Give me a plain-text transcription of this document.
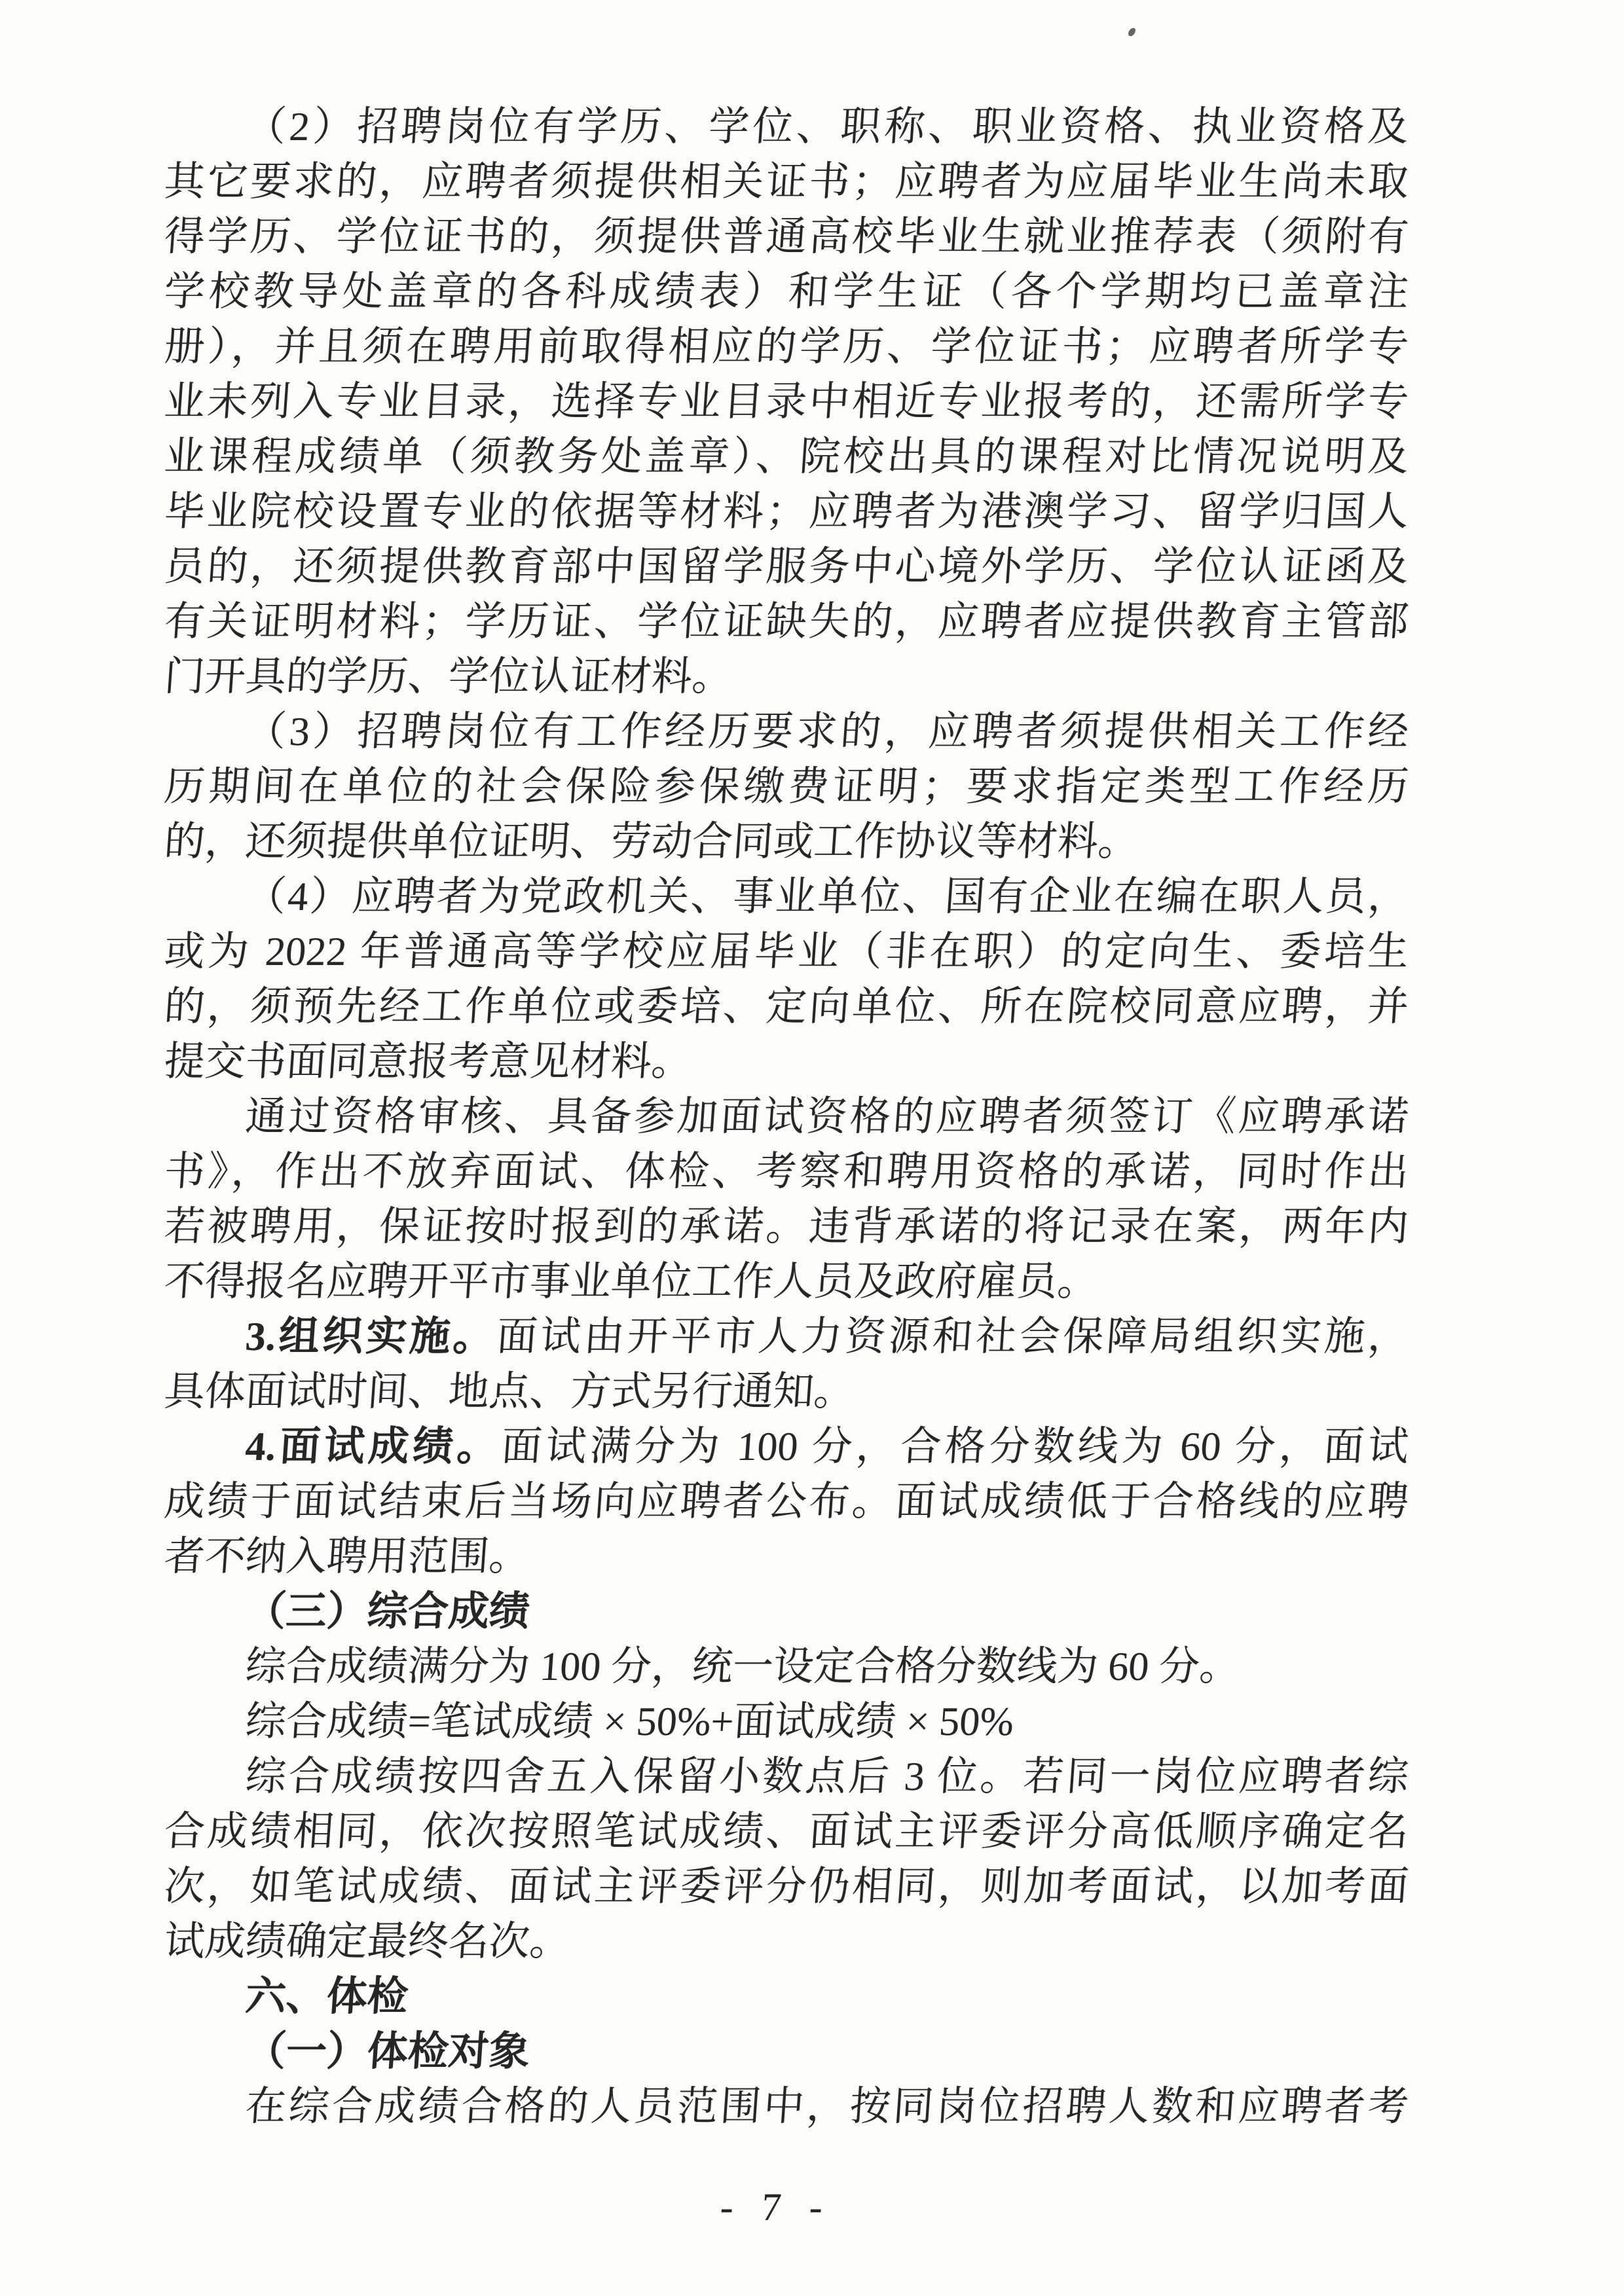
（2）招聘岗位有学历、学位、职称、职业资格、执业资格及
其它要求的，应聘者须提供相关证书；应聘者为应届毕业生尚未取
得学历、学位证书的，须提供普通高校毕业生就业推荐表（须附有
学校教导处盖章的各科成绩表）和学生证（各个学期均已盖章注
册），并且须在聘用前取得相应的学历、学位证书；应聘者所学专
业未列入专业目录，选择专业目录中相近专业报考的，还需所学专
业课程成绩单（须教务处盖章）、院校出具的课程对比情况说明及
毕业院校设置专业的依据等材料；应聘者为港澳学习、留学归国人
员的，还须提供教育部中国留学服务中心境外学历、学位认证函及
有关证明材料；学历证、学位证缺失的，应聘者应提供教育主管部
门开具的学历、学位认证材料。
（3）招聘岗位有工作经历要求的，应聘者须提供相关工作经
历期间在单位的社会保险参保缴费证明；要求指定类型工作经历
的，还须提供单位证明、劳动合同或工作协议等材料。
（4）应聘者为党政机关、事业单位、国有企业在编在职人员，
或为 2022 年普通高等学校应届毕业（非在职）的定向生、委培生
的，须预先经工作单位或委培、定向单位、所在院校同意应聘，并
提交书面同意报考意见材料。
通过资格审核、具备参加面试资格的应聘者须签订《应聘承诺
书》，作出不放弃面试、体检、考察和聘用资格的承诺，同时作出
若被聘用，保证按时报到的承诺。违背承诺的将记录在案，两年内
不得报名应聘开平市事业单位工作人员及政府雇员。
3.组织实施。面试由开平市人力资源和社会保障局组织实施，
具体面试时间、地点、方式另行通知。
4.面试成绩。面试满分为 100 分，合格分数线为 60 分，面试
成绩于面试结束后当场向应聘者公布。面试成绩低于合格线的应聘
者不纳入聘用范围。
（三）综合成绩
综合成绩满分为 100 分，统一设定合格分数线为 60 分。
综合成绩=笔试成绩 × 50%+面试成绩 × 50%
综合成绩按四舍五入保留小数点后 3 位。若同一岗位应聘者综
合成绩相同，依次按照笔试成绩、面试主评委评分高低顺序确定名
次，如笔试成绩、面试主评委评分仍相同，则加考面试，以加考面
试成绩确定最终名次。
六、体检
（一）体检对象
在综合成绩合格的人员范围中，按同岗位招聘人数和应聘者考
- 7 -
